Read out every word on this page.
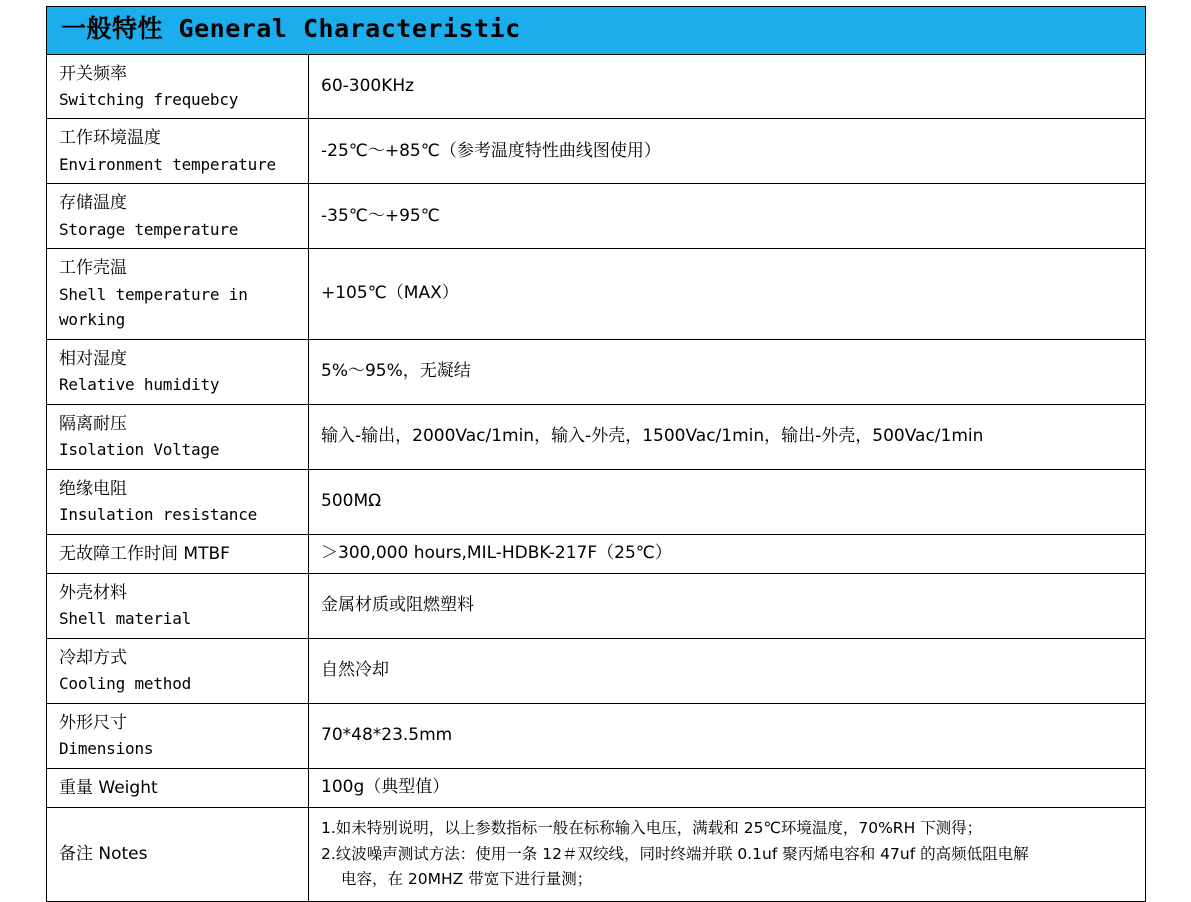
一般特性 General Characteristic	

开关频率
Switching frequebcy	60-300KHz

工作环境温度
Environment temperature	-25℃～+85℃（参考温度特性曲线图使用）

存储温度
Storage temperature	-35℃～+95℃

工作壳温
Shell temperature in working	+105℃（MAX）

相对湿度
Relative humidity	5%～95%，无凝结

隔离耐压
Isolation Voltage	输入-输出，2000Vac/1min，输入-外壳，1500Vac/1min，输出-外壳，500Vac/1min

绝缘电阻
Insulation resistance	500MΩ

无故障工作时间 MTBF	＞300,000 hours,MIL-HDBK-217F（25℃）

外壳材料
Shell material	金属材质或阻燃塑料

冷却方式
Cooling method	自然冷却

外形尺寸
Dimensions	70*48*23.5mm

重量 Weight	100g（典型值）

备注 Notes	1.如未特别说明，以上参数指标一般在标称输入电压，满载和 25℃环境温度，70%RH 下测得；
2.纹波噪声测试方法：使用一条 12＃双绞线，同时终端并联 0.1uf 聚丙烯电容和 47uf 的高频低阻电解
电容，在 20MHZ 带宽下进行量测；
